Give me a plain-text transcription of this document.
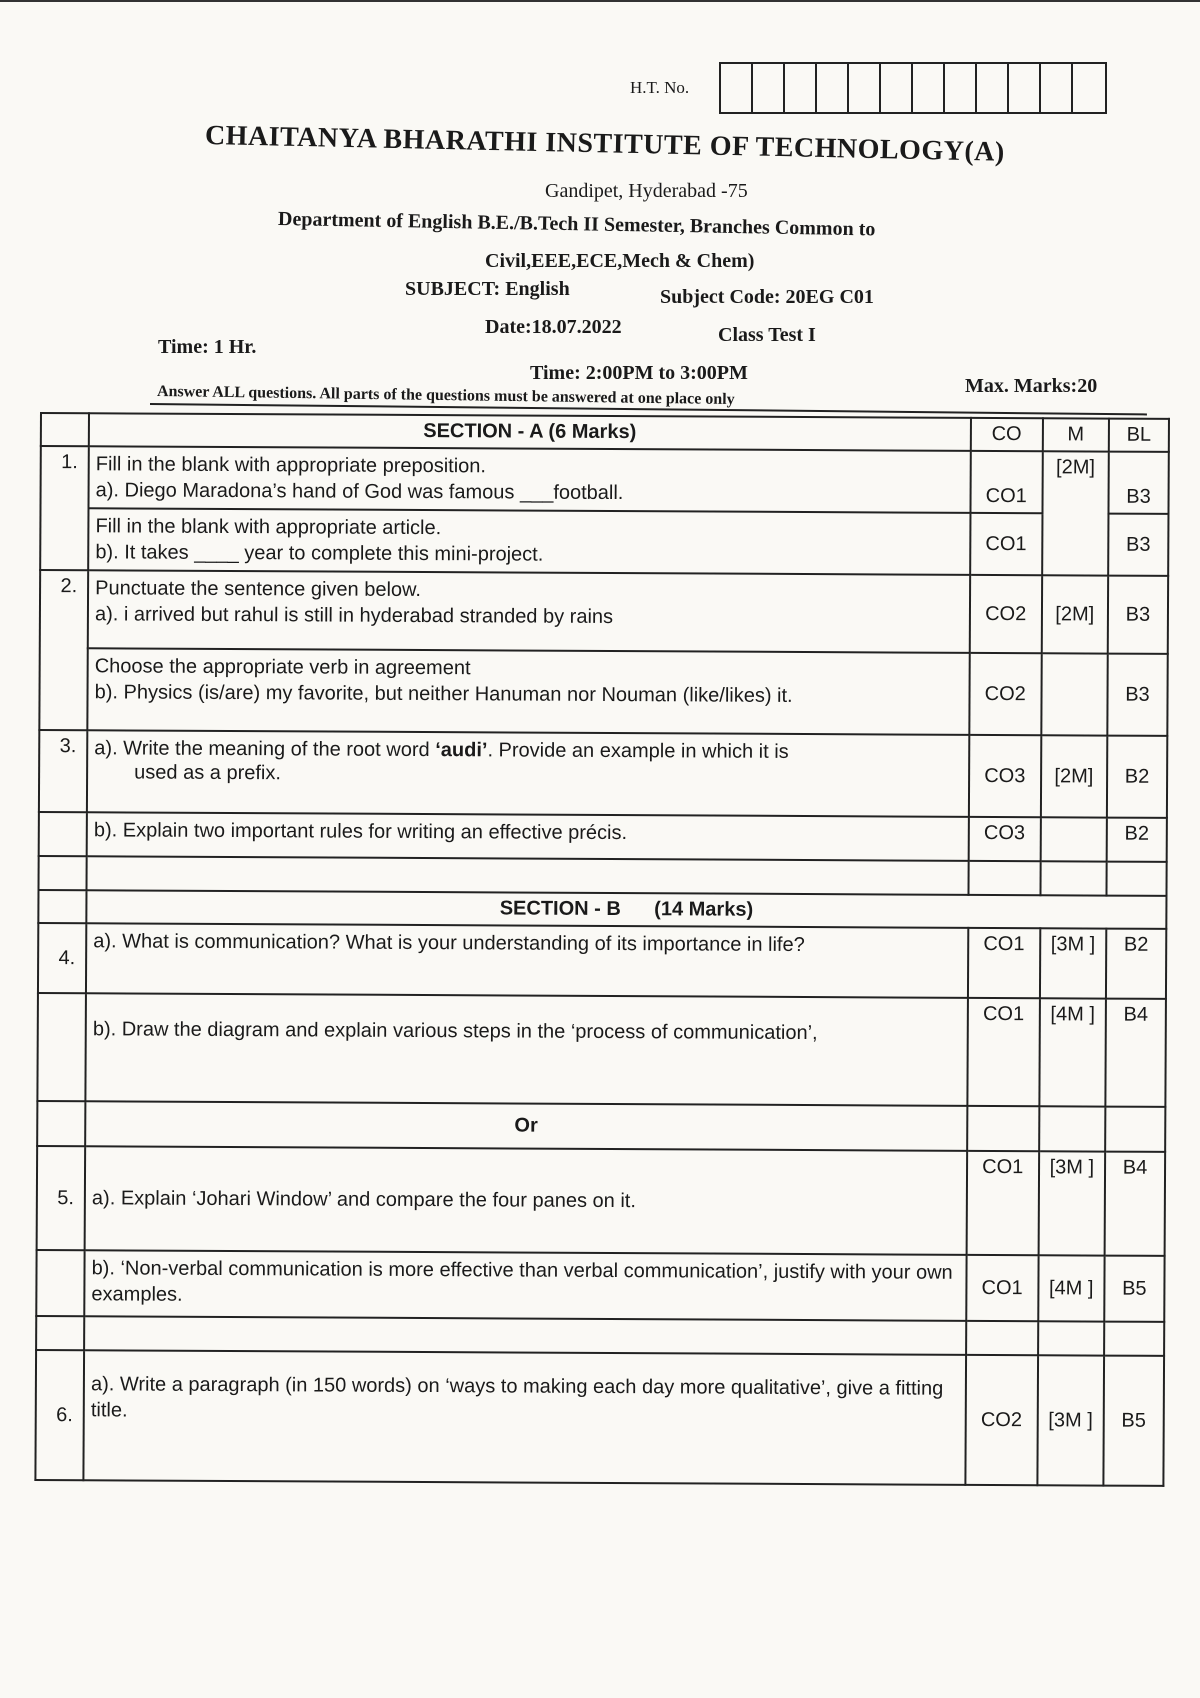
H.T. No.
CHAITANYA BHARATHI INSTITUTE OF TECHNOLOGY(A)
Gandipet, Hyderabad -75
Department of English B.E./B.Tech II Semester, Branches Common to
Civil,EEE,ECE,Mech & Chem)
SUBJECT: English	Subject Code: 20EG C01
Date:18.07.2022	Class Test I
Time: 1 Hr.
Time: 2:00PM to 3:00PM
Max. Marks:20
Answer ALL questions. All parts of the questions must be answered at one place only
	SECTION - A (6 Marks)	CO	M	BL
1.	Fill in the blank with appropriate preposition.
a). Diego Maradona’s hand of God was famous ___football.	CO1	[2M]	B3

	Fill in the blank with appropriate article.
b). It takes ____ year to complete this mini-project.	CO1		B3
2.	Punctuate the sentence given below.
a). i arrived but rahul is still in hyderabad stranded by rains	CO2	[2M]	B3

	Choose the appropriate verb in agreement
b). Physics (is/are) my favorite, but neither Hanuman nor Nouman (like/likes) it.	CO2		B3
3.	a). Write the meaning of the root word ‘audi’. Provide an example in which it is
used as a prefix.	CO3	[2M]	B2

	b). Explain two important rules for writing an effective précis.	CO3		B2

	SECTION - B      (14 Marks)			
4.	a). What is communication? What is your understanding of its importance in life?	CO1	[3M ]	B2

	b). Draw the diagram and explain various steps in the ‘process of communication’,	CO1	[4M ]	B4
	Or			
5.	a). Explain ‘Johari Window’ and compare the four panes on it.	CO1	[3M ]	B4

	b). ‘Non-verbal communication is more effective than verbal communication’, justify with your own examples.	CO1	[4M ]	B5

6.	a). Write a paragraph (in 150 words) on ‘ways to making each day more qualitative’, give a fitting title.	CO2	[3M ]	B5
